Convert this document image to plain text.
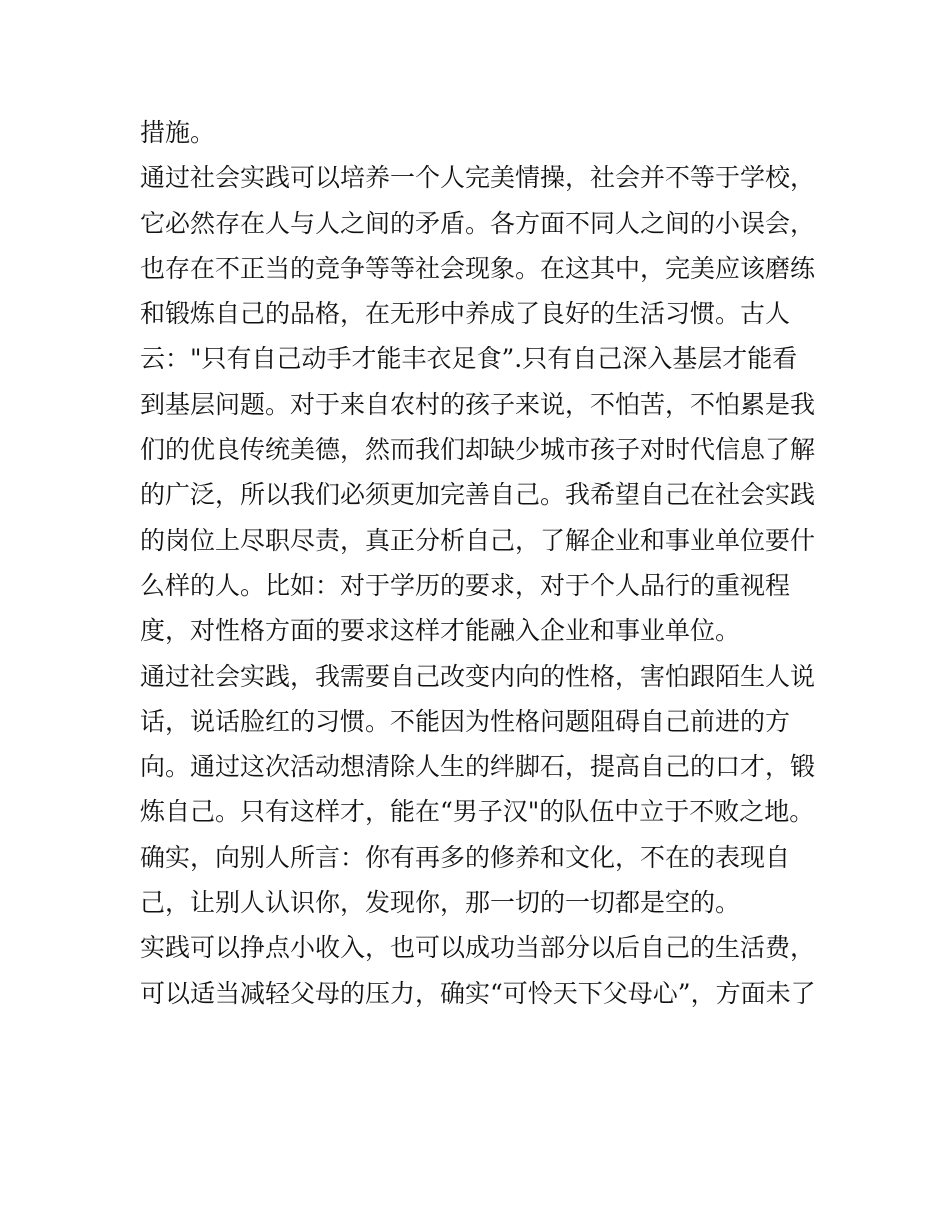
措施。
通过社会实践可以培养一个人完美情操，社会并不等于学校，
它必然存在人与人之间的矛盾。各方面不同人之间的小误会，
也存在不正当的竞争等等社会现象。在这其中，完美应该磨练
和锻炼自己的品格，在无形中养成了良好的生活习惯。古人
云："只有自己动手才能丰衣足食”.只有自己深入基层才能看
到基层问题。对于来自农村的孩子来说，不怕苦，不怕累是我
们的优良传统美德，然而我们却缺少城市孩子对时代信息了解
的广泛，所以我们必须更加完善自己。我希望自己在社会实践
的岗位上尽职尽责，真正分析自己，了解企业和事业单位要什
么样的人。比如：对于学历的要求，对于个人品行的重视程
度，对性格方面的要求这样才能融入企业和事业单位。
通过社会实践，我需要自己改变内向的性格，害怕跟陌生人说
话，说话脸红的习惯。不能因为性格问题阻碍自己前进的方
向。通过这次活动想清除人生的绊脚石，提高自己的口才，锻
炼自己。只有这样才，能在“男子汉"的队伍中立于不败之地。
确实，向别人所言：你有再多的修养和文化，不在的表现自
己，让别人认识你，发现你，那一切的一切都是空的。
实践可以挣点小收入，也可以成功当部分以后自己的生活费，
可以适当减轻父母的压力，确实“可怜天下父母心”，方面未了
